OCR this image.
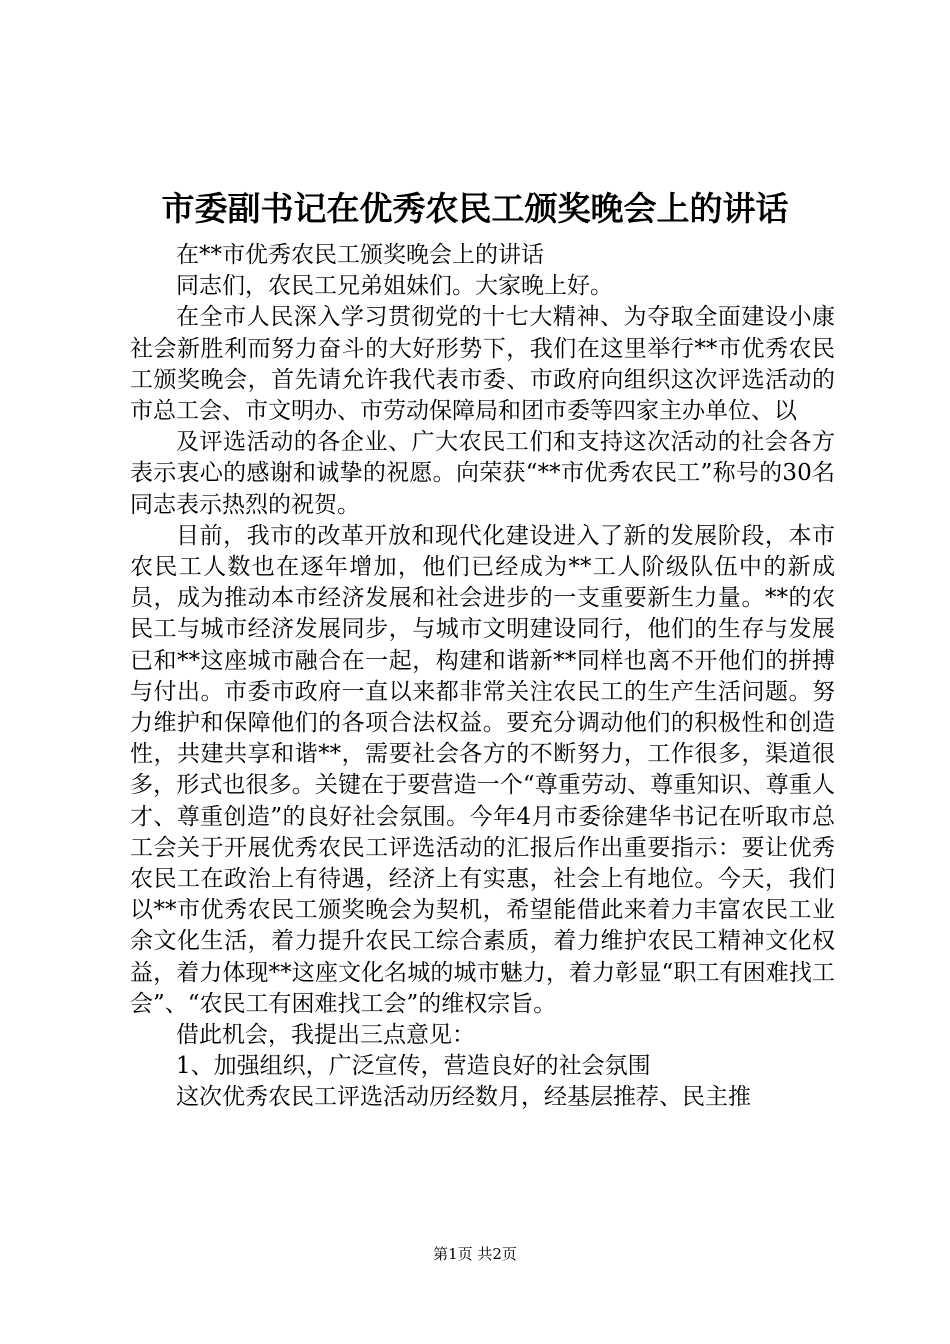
市委副书记在优秀农民工颁奖晚会上的讲话

在**市优秀农民工颁奖晚会上的讲话

同志们，农民工兄弟姐妹们。大家晚上好。

在全市人民深入学习贯彻党的十七大精神、为夺取全面建设小康社会新胜利而努力奋斗的大好形势下，我们在这里举行**市优秀农民工颁奖晚会，首先请允许我代表市委、市政府向组织这次评选活动的市总工会、市文明办、市劳动保障局和团市委等四家主办单位、以

及评选活动的各企业、广大农民工们和支持这次活动的社会各方表示衷心的感谢和诚挚的祝愿。向荣获“**市优秀农民工”称号的30名同志表示热烈的祝贺。

目前，我市的改革开放和现代化建设进入了新的发展阶段，本市农民工人数也在逐年增加，他们已经成为**工人阶级队伍中的新成员，成为推动本市经济发展和社会进步的一支重要新生力量。**的农民工与城市经济发展同步，与城市文明建设同行，他们的生存与发展已和**这座城市融合在一起，构建和谐新**同样也离不开他们的拼搏与付出。市委市政府一直以来都非常关注农民工的生产生活问题。努力维护和保障他们的各项合法权益。要充分调动他们的积极性和创造性，共建共享和谐**，需要社会各方的不断努力，工作很多，渠道很多，形式也很多。关键在于要营造一个“尊重劳动、尊重知识、尊重人才、尊重创造”的良好社会氛围。今年4月市委徐建华书记在听取市总工会关于开展优秀农民工评选活动的汇报后作出重要指示：要让优秀农民工在政治上有待遇，经济上有实惠，社会上有地位。今天，我们以**市优秀农民工颁奖晚会为契机，希望能借此来着力丰富农民工业余文化生活，着力提升农民工综合素质，着力维护农民工精神文化权益，着力体现**这座文化名城的城市魅力，着力彰显“职工有困难找工会”、“农民工有困难找工会”的维权宗旨。

借此机会，我提出三点意见：

1、加强组织，广泛宣传，营造良好的社会氛围

这次优秀农民工评选活动历经数月，经基层推荐、民主推

第1页 共2页
